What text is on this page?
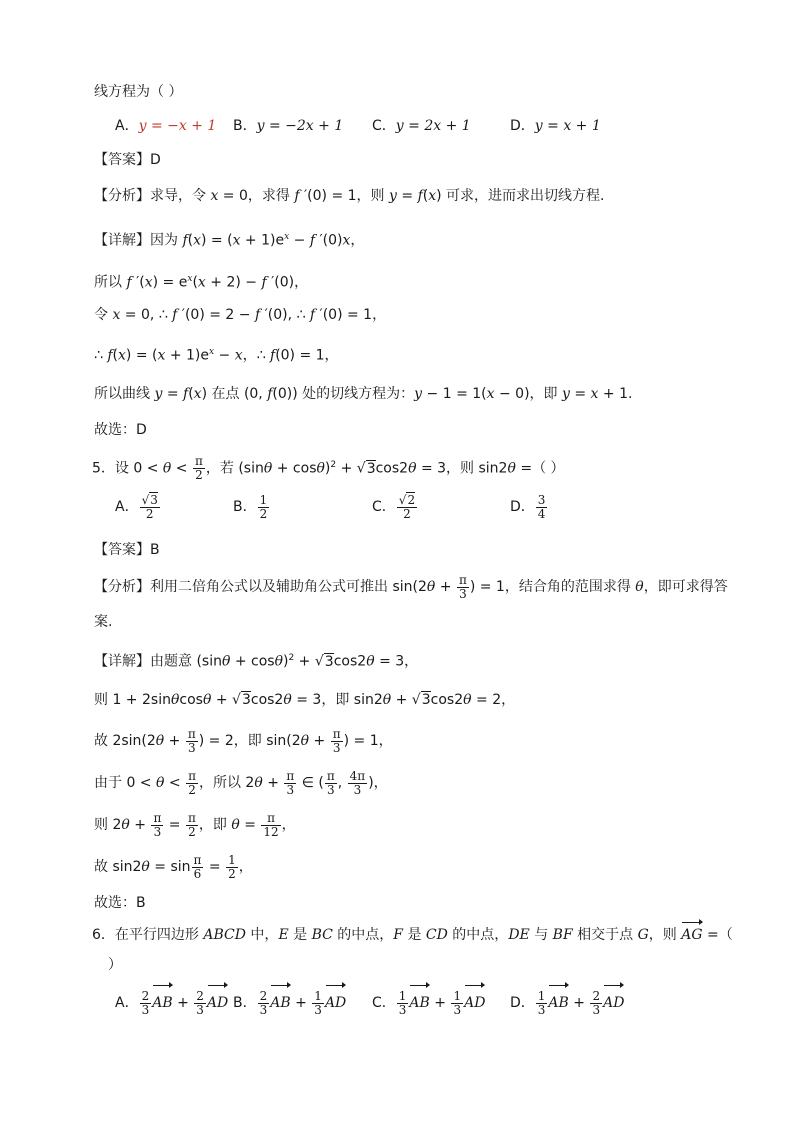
线方程为（ ）
A．y = −x + 1 B．y = −2x + 1 C．y = 2x + 1	D．y = x + 1
【答案】D
【分析】求导，令 x = 0，求得 f ′(0) = 1，则 y = f(x) 可求，进而求出切线方程.
【详解】因为 $f(x) = (x + 1)e^x - f$ ′(0)x，
所以 f $'(x) = e^x(x + 2) - f$ ′(0)，
令 x = 0, ∴ f ′(0) = 2 − f ′(0), ∴ f ′(0) = 1，
∴ $f(x) = (x + 1)e^x - x$，∴ f(0) = 1，
所以曲线 y = f(x) 在点 (0, f(0)) 处的切线方程为：y − 1 = 1(x − 0)，即 y = x + 1.
故选：D
5．设 $0 < \theta < \frac{\pi}{2}$ ，若 $(\sin\theta + \cos\theta)^2 + √3\cos 2\theta = 3$，则 sin2θ =（ ）
A． $\frac{√3}{2}$	B． $\frac{1}{2}$	C． $\frac{√2}{2}$	D． $\frac{3}{4}$
【答案】B
【分析】利用二倍角公式以及辅助角公式可推出 $\sin(2\theta + \frac{\pi}{3}$ ) = 1，结合角的范围求得 θ，即可求得答
案.
【详解】由题意 $(\sin\theta + \cos\theta)^2 + √3\cos 2\theta = 3$，
则 1 + 2sinθcosθ + √3cos2θ = 3，即 sin2θ + √3cos2θ = 2，
故 $2\sin(2\theta + \frac{\pi}{3}$ ) = 2，即 $\sin(2\theta + \frac{\pi}{3}$ ) = 1，
由于 $0 < \theta < \frac{\pi}{2}$ ，所以 $2\theta + \frac{\pi}{3}$ ∈ ( $\frac{\pi}{3}$ , $\frac{4\pi}{3}$ )，
则 $2\theta + \frac{\pi}{3} = \frac{\pi}{2}$ ，即 $\theta = \frac{\pi}{12}$ ，
故 $\sin 2\theta = \sin \frac{\pi}{6} = \frac{1}{2}$ ，
故选：B
6．在平行四边形 ABCD 中，E 是 BC 的中点，F 是 CD 的中点，DE 与 BF 相交于点 G，则 AG =（
）
A． $\frac{2}{3}$ AB + $\frac{2}{3}$ AD B． $\frac{2}{3}$ AB + $\frac{1}{3}$ AD C． $\frac{1}{3}$ AB + $\frac{1}{3}$ AD D． $\frac{1}{3}$ AB + $\frac{2}{3}$ AD
